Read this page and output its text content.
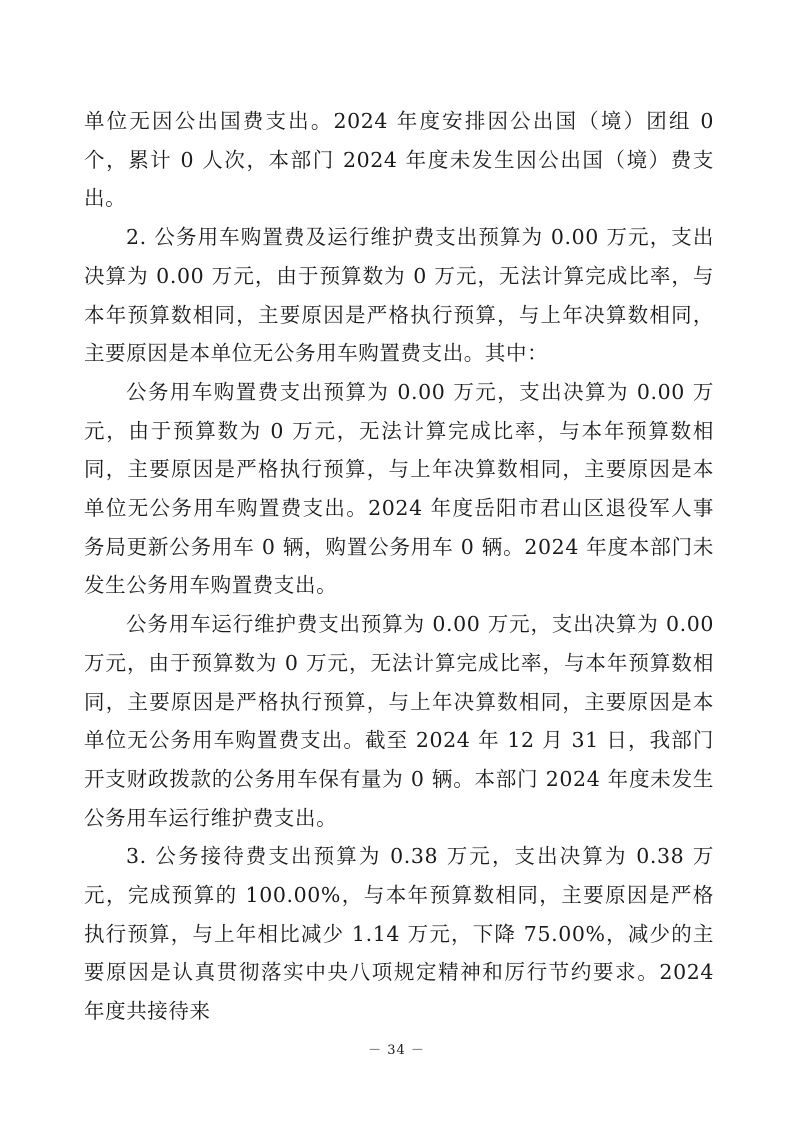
单位无因公出国费支出。2024 年度安排因公出国（境）团组 0 个，累计 0 人次，本部门 2024 年度未发生因公出国（境）费支出。

2. 公务用车购置费及运行维护费支出预算为 0.00 万元，支出决算为 0.00 万元，由于预算数为 0 万元，无法计算完成比率，与本年预算数相同，主要原因是严格执行预算，与上年决算数相同，主要原因是本单位无公务用车购置费支出。其中：

公务用车购置费支出预算为 0.00 万元，支出决算为 0.00 万元，由于预算数为 0 万元，无法计算完成比率，与本年预算数相同，主要原因是严格执行预算，与上年决算数相同，主要原因是本单位无公务用车购置费支出。2024 年度岳阳市君山区退役军人事务局更新公务用车 0 辆，购置公务用车 0 辆。2024 年度本部门未发生公务用车购置费支出。

公务用车运行维护费支出预算为 0.00 万元，支出决算为 0.00 万元，由于预算数为 0 万元，无法计算完成比率，与本年预算数相同，主要原因是严格执行预算，与上年决算数相同，主要原因是本单位无公务用车购置费支出。截至 2024 年 12 月 31 日，我部门开支财政拨款的公务用车保有量为 0 辆。本部门 2024 年度未发生公务用车运行维护费支出。

3. 公务接待费支出预算为 0.38 万元，支出决算为 0.38 万元，完成预算的 100.00%，与本年预算数相同，主要原因是严格执行预算，与上年相比减少 1.14 万元，下降 75.00%，减少的主要原因是认真贯彻落实中央八项规定精神和厉行节约要求。2024 年度共接待来

－ 34 －
